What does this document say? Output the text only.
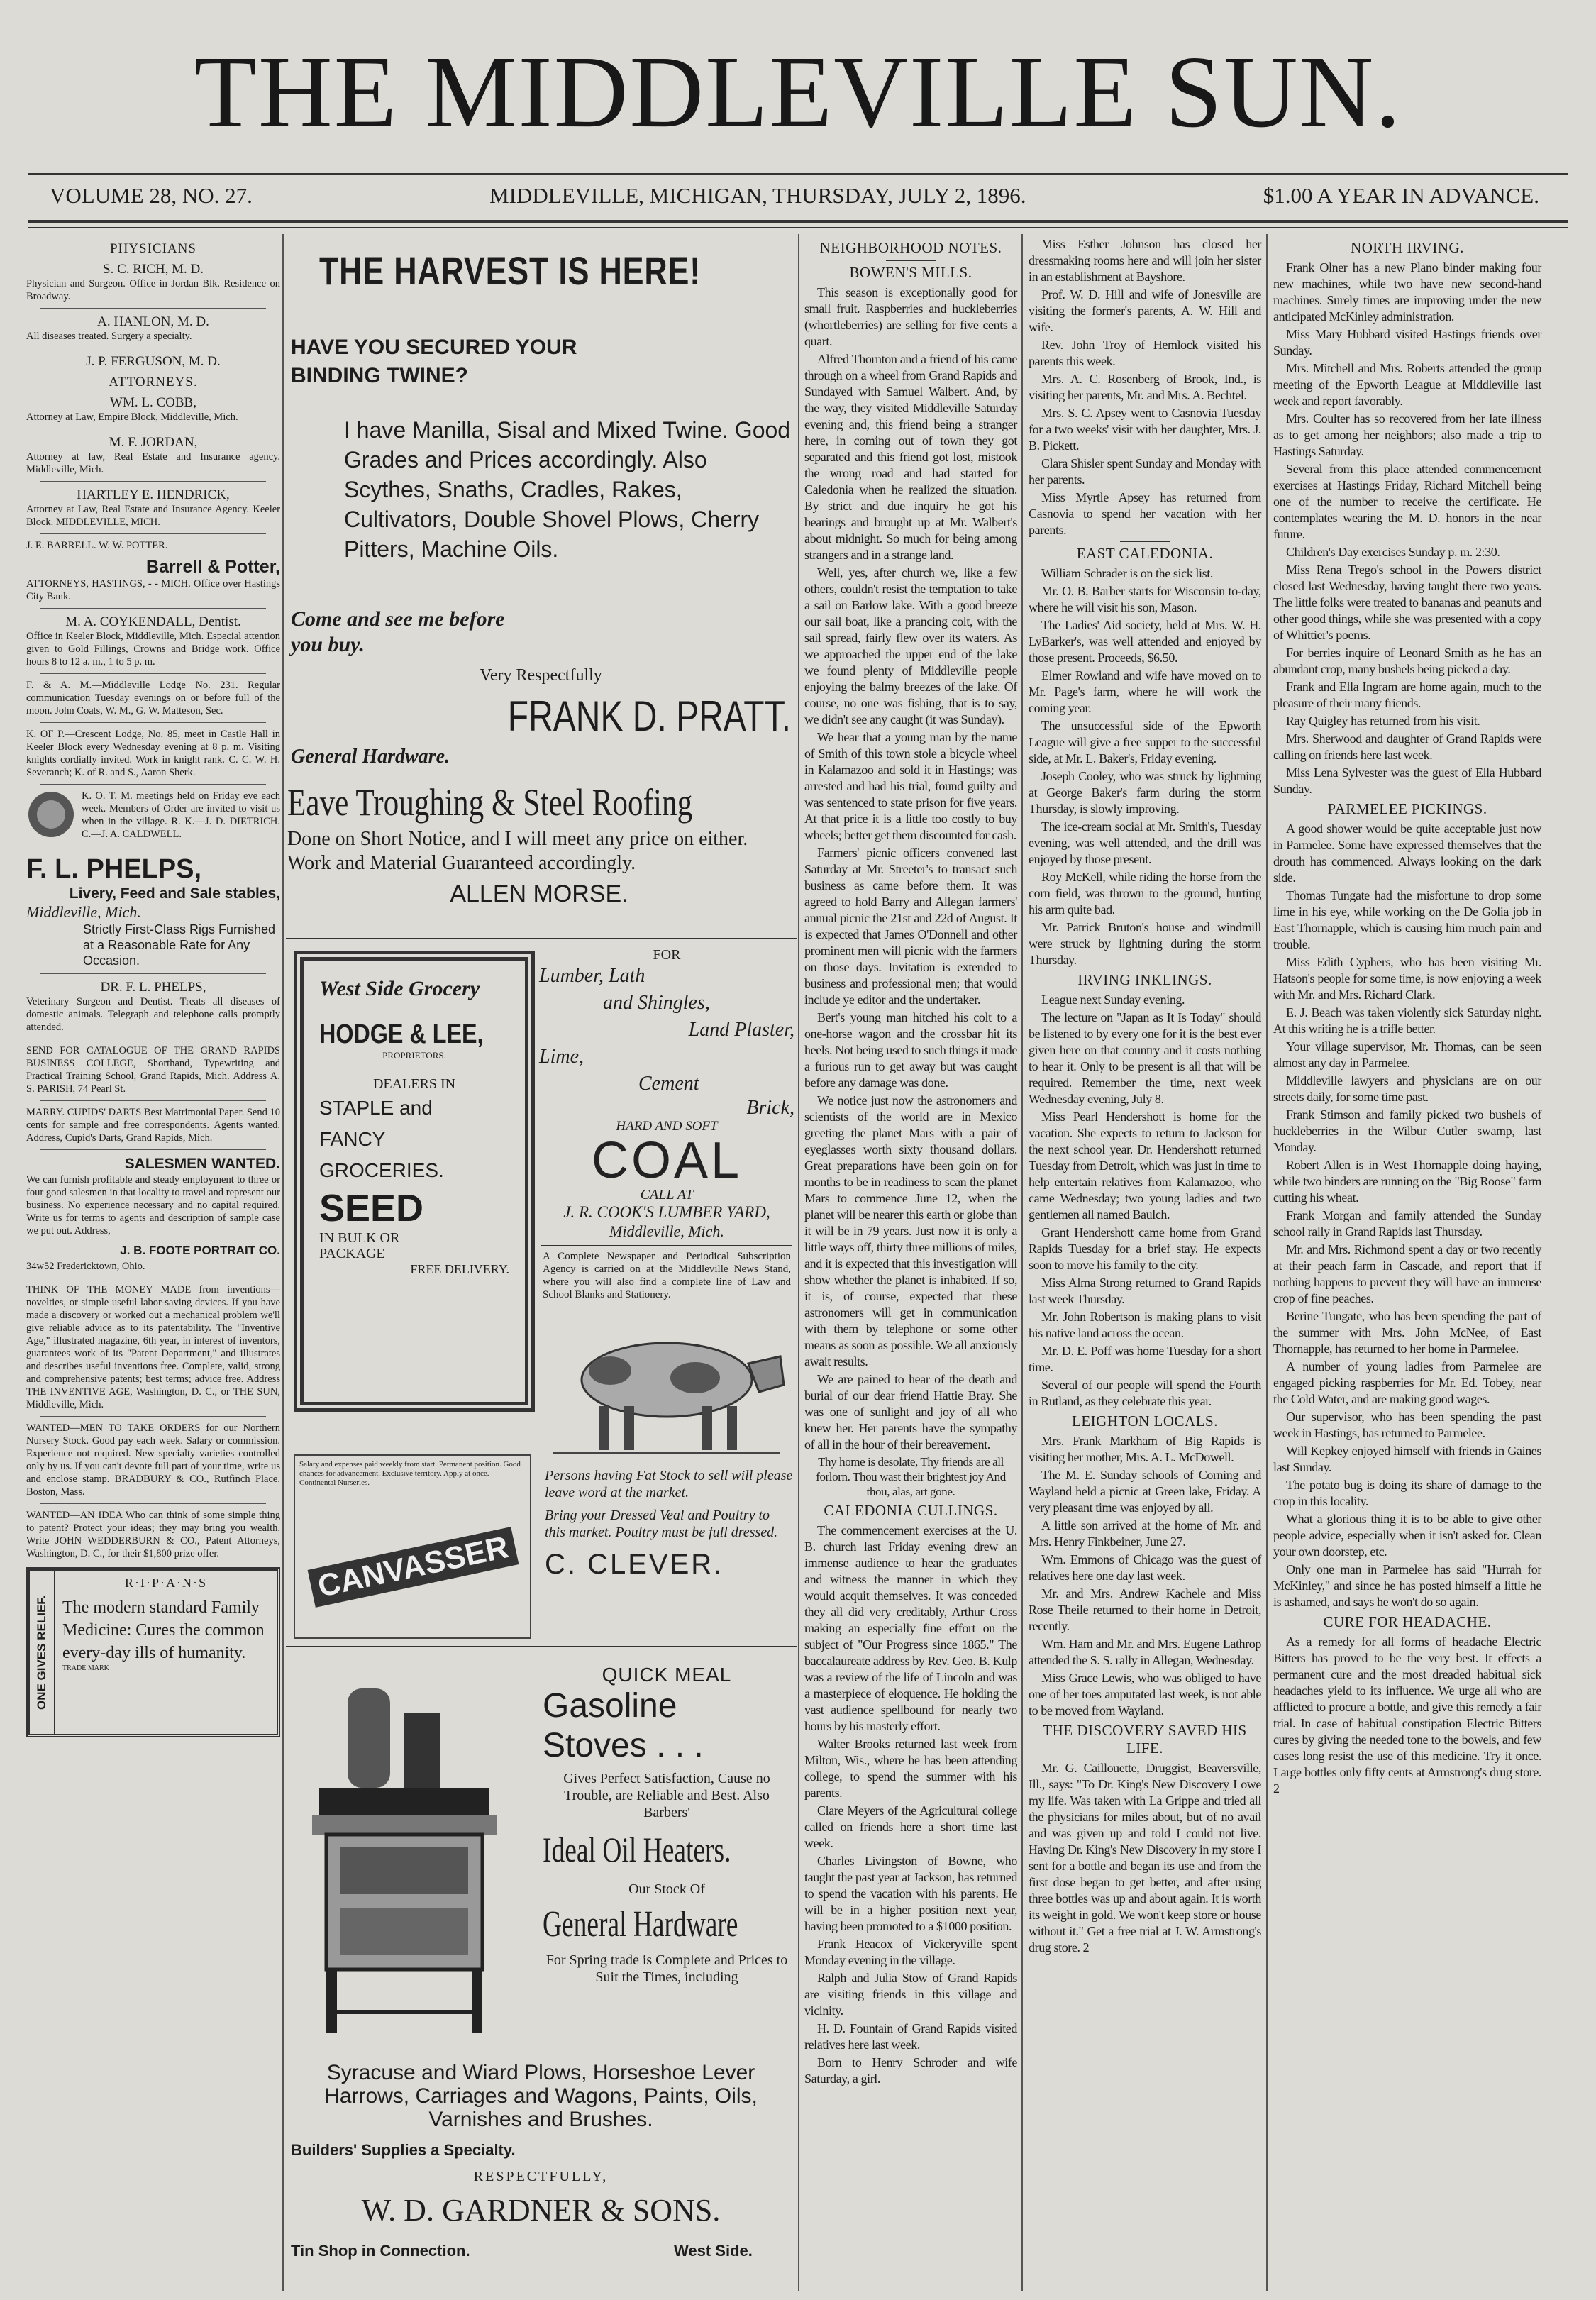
THE MIDDLEVILLE SUN.
VOLUME 28, NO. 27.	MIDDLEVILLE, MICHIGAN, THURSDAY, JULY 2, 1896.	$1.00 A YEAR IN ADVANCE.
PHYSICIANS
S. C. RICH, M. D.
Physician and Surgeon. Office in Jordan Blk. Residence on Broadway.
A. HANLON, M. D.
All diseases treated. Surgery a specialty.
J. P. FERGUSON, M. D.
ATTORNEYS.
WM. L. COBB,
Attorney at Law, Empire Block, Middleville, Mich.
M. F. JORDAN,
Attorney at law, Real Estate and Insurance agency. Middleville, Mich.
HARTLEY E. HENDRICK,
Attorney at Law, Real Estate and Insurance Agency. Keeler Block. MIDDLEVILLE, MICH.
J. E. BARRELL. W. W. POTTER.
Barrell & Potter,
ATTORNEYS, HASTINGS, - - MICH. Office over Hastings City Bank.
M. A. COYKENDALL, Dentist.
Office in Keeler Block, Middleville, Mich. Especial attention given to Gold Fillings, Crowns and Bridge work. Office hours 8 to 12 a. m., 1 to 5 p. m.
F. & A. M.—Middleville Lodge No. 231. Regular communication Tuesday evenings on or before full of the moon. John Coats, W. M., G. W. Matteson, Sec.
K. OF P.—Crescent Lodge, No. 85, meet in Castle Hall in Keeler Block every Wednesday evening at 8 p. m. Visiting knights cordially invited. Work in knight rank. C. C. W. H. Severanch; K. of R. and S., Aaron Sherk.
K. O. T. M. meetings held on Friday eve each week. Members of Order are invited to visit us when in the village. R. K.—J. D. DIETRICH. C.—J. A. CALDWELL.
F. L. PHELPS,
Livery, Feed and Sale stables,
Middleville, Mich.
Strictly First-Class Rigs Furnished at a Reasonable Rate for Any Occasion.
DR. F. L. PHELPS,
Veterinary Surgeon and Dentist. Treats all diseases of domestic animals. Telegraph and telephone calls promptly attended.
SEND FOR CATALOGUE OF THE GRAND RAPIDS BUSINESS COLLEGE, Shorthand, Typewriting and Practical Training School, Grand Rapids, Mich. Address A. S. PARISH, 74 Pearl St.
MARRY. CUPIDS' DARTS Best Matrimonial Paper. Send 10 cents for sample and free correspondents. Agents wanted. Address, Cupid's Darts, Grand Rapids, Mich.
SALESMEN WANTED.
We can furnish profitable and steady employment to three or four good salesmen in that locality to travel and represent our business. No experience necessary and no capital required. Write us for terms to agents and description of sample case we put out. Address,
J. B. FOOTE PORTRAIT CO.
34w52 Fredericktown, Ohio.
THINK OF THE MONEY MADE from inventions—novelties, or simple useful labor-saving devices. If you have made a discovery or worked out a mechanical problem we'll give reliable advice as to its patentability. The "Inventive Age," illustrated magazine, 6th year, in interest of inventors, guarantees work of its "Patent Department," and illustrates and describes useful inventions free. Complete, valid, strong and comprehensive patents; best terms; advice free. Address THE INVENTIVE AGE, Washington, D. C., or THE SUN, Middleville, Mich.
WANTED—MEN TO TAKE ORDERS for our Northern Nursery Stock. Good pay each week. Salary or commission. Experience not required. New specialty varieties controlled only by us. If you can't devote full part of your time, write us and enclose stamp. BRADBURY & CO., Rutfinch Place. Boston, Mass.
WANTED—AN IDEA Who can think of some simple thing to patent? Protect your ideas; they may bring you wealth. Write JOHN WEDDERBURN & CO., Patent Attorneys, Washington, D. C., for their $1,800 prize offer.
ONE GIVES RELIEF.
R·I·P·A·N·S
The modern standard Family Medicine: Cures the common every-day ills of humanity.
TRADE MARK
THE HARVEST IS HERE!
HAVE YOU SECURED YOUR BINDING TWINE?
I have Manilla, Sisal and Mixed Twine. Good Grades and Prices accordingly. Also Scythes, Snaths, Cradles, Rakes, Cultivators, Double Shovel Plows, Cherry Pitters, Machine Oils.
Come and see me before you buy.
Very Respectfully
FRANK D. PRATT.
General Hardware.
Eave Troughing & Steel Roofing
Done on Short Notice, and I will meet any price on either. Work and Material Guaranteed accordingly.
ALLEN MORSE.
West Side Grocery
HODGE & LEE,
PROPRIETORS.
DEALERS IN
STAPLE and
FANCY
GROCERIES.
SEED
IN BULK OR PACKAGE
FREE DELIVERY.
Salary and expenses paid weekly from start. Permanent position. Good chances for advancement. Exclusive territory. Apply at once. Continental Nurseries.
CANVASSER
FOR
Lumber, Lath
and Shingles,
Land Plaster,
Lime,
Cement
Brick,
HARD AND SOFT
COAL
CALL AT
J. R. COOK'S LUMBER YARD,
Middleville, Mich.
A Complete Newspaper and Periodical Subscription Agency is carried on at the Middleville News Stand, where you will also find a complete line of Law and School Blanks and Stationery.
Persons having Fat Stock to sell will please leave word at the market.
Bring your Dressed Veal and Poultry to this market. Poultry must be full dressed.
C. CLEVER.
QUICK MEAL
Gasoline
Stoves . . .
Gives Perfect Satisfaction, Cause no Trouble, are Reliable and Best. Also Barbers'
Ideal Oil Heaters.
Our Stock Of
General Hardware
For Spring trade is Complete and Prices to Suit the Times, including
Syracuse and Wiard Plows, Horseshoe Lever Harrows, Carriages and Wagons, Paints, Oils, Varnishes and Brushes.
Builders' Supplies a Specialty.
RESPECTFULLY,
W. D. GARDNER & SONS.
Tin Shop in Connection.	West Side.
NEIGHBORHOOD NOTES.
BOWEN'S MILLS.

This season is exceptionally good for small fruit. Raspberries and huckleberries (whortleberries) are selling for five cents a quart.

Alfred Thornton and a friend of his came through on a wheel from Grand Rapids and Sundayed with Samuel Walbert. And, by the way, they visited Middleville Saturday evening and, this friend being a stranger here, in coming out of town they got separated and this friend got lost, mistook the wrong road and had started for Caledonia when he realized the situation. By strict and due inquiry he got his bearings and brought up at Mr. Walbert's about midnight. So much for being among strangers and in a strange land.

Well, yes, after church we, like a few others, couldn't resist the temptation to take a sail on Barlow lake. With a good breeze our sail boat, like a prancing colt, with the sail spread, fairly flew over its waters. As we approached the upper end of the lake we found plenty of Middleville people enjoying the balmy breezes of the lake. Of course, no one was fishing, that is to say, we didn't see any caught (it was Sunday).

We hear that a young man by the name of Smith of this town stole a bicycle wheel in Kalamazoo and sold it in Hastings; was arrested and had his trial, found guilty and was sentenced to state prison for five years. At that price it is a little too costly to buy wheels; better get them discounted for cash.

Farmers' picnic officers convened last Saturday at Mr. Streeter's to transact such business as came before them. It was agreed to hold Barry and Allegan farmers' annual picnic the 21st and 22d of August. It is expected that James O'Donnell and other prominent men will picnic with the farmers on those days. Invitation is extended to business and professional men; that would include ye editor and the undertaker.

Bert's young man hitched his colt to a one-horse wagon and the crossbar hit its heels. Not being used to such things it made a furious run to get away but was caught before any damage was done.

We notice just now the astronomers and scientists of the world are in Mexico greeting the planet Mars with a pair of eyeglasses worth sixty thousand dollars. Great preparations have been goin on for months to be in readiness to scan the planet Mars to commence June 12, when the planet will be nearer this earth or globe than it will be in 79 years. Just now it is only a little ways off, thirty three millions of miles, and it is expected that this investigation will show whether the planet is inhabited. If so, it is, of course, expected that these astronomers will get in communication with them by telephone or some other means as soon as possible. We all anxiously await results.

We are pained to hear of the death and burial of our dear friend Hattie Bray. She was one of sunlight and joy of all who knew her. Her parents have the sympathy of all in the hour of their bereavement.

Thy home is desolate, Thy friends are all forlorn. Thou wast their brightest joy And thou, alas, art gone.

CALEDONIA CULLINGS.

The commencement exercises at the U. B. church last Friday evening drew an immense audience to hear the graduates and witness the manner in which they would acquit themselves. It was conceded they all did very creditably, Arthur Cross making an especially fine effort on the subject of "Our Progress since 1865." The baccalaureate address by Rev. Geo. B. Kulp was a review of the life of Lincoln and was a masterpiece of eloquence. He holding the vast audience spellbound for nearly two hours by his masterly effort.

Walter Brooks returned last week from Milton, Wis., where he has been attending college, to spend the summer with his parents.

Clare Meyers of the Agricultural college called on friends here a short time last week.

Charles Livingston of Bowne, who taught the past year at Jackson, has returned to spend the vacation with his parents. He will be in a higher position next year, having been promoted to a $1000 position.

Frank Heacox of Vickeryville spent Monday evening in the village.

Ralph and Julia Stow of Grand Rapids are visiting friends in this village and vicinity.

H. D. Fountain of Grand Rapids visited relatives here last week.

Born to Henry Schroder and wife Saturday, a girl.

Miss Esther Johnson has closed her dressmaking rooms here and will join her sister in an establishment at Bayshore.

Prof. W. D. Hill and wife of Jonesville are visiting the former's parents, A. W. Hill and wife.

Rev. John Troy of Hemlock visited his parents this week.

Mrs. A. C. Rosenberg of Brook, Ind., is visiting her parents, Mr. and Mrs. A. Bechtel.

Mrs. S. C. Apsey went to Casnovia Tuesday for a two weeks' visit with her daughter, Mrs. J. B. Pickett.

Clara Shisler spent Sunday and Monday with her parents.

Miss Myrtle Apsey has returned from Casnovia to spend her vacation with her parents.

EAST CALEDONIA.

William Schrader is on the sick list.

Mr. O. B. Barber starts for Wisconsin to-day, where he will visit his son, Mason.

The Ladies' Aid society, held at Mrs. W. H. LyBarker's, was well attended and enjoyed by those present. Proceeds, $6.50.

Elmer Rowland and wife have moved on to Mr. Page's farm, where he will work the coming year.

The unsuccessful side of the Epworth League will give a free supper to the successful side, at Mr. L. Baker's, Friday evening.

Joseph Cooley, who was struck by lightning at George Baker's farm during the storm Thursday, is slowly improving.

The ice-cream social at Mr. Smith's, Tuesday evening, was well attended, and the drill was enjoyed by those present.

Roy McKell, while riding the horse from the corn field, was thrown to the ground, hurting his arm quite bad.

Mr. Patrick Bruton's house and windmill were struck by lightning during the storm Thursday.

IRVING INKLINGS.

League next Sunday evening.

The lecture on "Japan as It Is Today" should be listened to by every one for it is the best ever given here on that country and it costs nothing to hear it. Only to be present is all that will be required. Remember the time, next week Wednesday evening, July 8.

Miss Pearl Hendershott is home for the vacation. She expects to return to Jackson for the next school year. Dr. Hendershott returned Tuesday from Detroit, which was just in time to help entertain relatives from Kalamazoo, who came Wednesday; two young ladies and two gentlemen all named Baulch.

Grant Hendershott came home from Grand Rapids Tuesday for a brief stay. He expects soon to move his family to the city.

Miss Alma Strong returned to Grand Rapids last week Thursday.

Mr. John Robertson is making plans to visit his native land across the ocean.

Mr. D. E. Poff was home Tuesday for a short time.

Several of our people will spend the Fourth in Rutland, as they celebrate this year.

LEIGHTON LOCALS.

Mrs. Frank Markham of Big Rapids is visiting her mother, Mrs. A. L. McDowell.

The M. E. Sunday schools of Corning and Wayland held a picnic at Green lake, Friday. A very pleasant time was enjoyed by all.

A little son arrived at the home of Mr. and Mrs. Henry Finkbeiner, June 27.

Wm. Emmons of Chicago was the guest of relatives here one day last week.

Mr. and Mrs. Andrew Kachele and Miss Rose Theile returned to their home in Detroit, recently.

Wm. Ham and Mr. and Mrs. Eugene Lathrop attended the S. S. rally in Allegan, Wednesday.

Miss Grace Lewis, who was obliged to have one of her toes amputated last week, is not able to be moved from Wayland.

THE DISCOVERY SAVED HIS LIFE.

Mr. G. Caillouette, Druggist, Beaversville, Ill., says: "To Dr. King's New Discovery I owe my life. Was taken with La Grippe and tried all the physicians for miles about, but of no avail and was given up and told I could not live. Having Dr. King's New Discovery in my store I sent for a bottle and began its use and from the first dose began to get better, and after using three bottles was up and about again. It is worth its weight in gold. We won't keep store or house without it." Get a free trial at J. W. Armstrong's drug store. 2

NORTH IRVING.

Frank Olner has a new Plano binder making four new machines, while two have new second-hand machines. Surely times are improving under the new anticipated McKinley administration.

Miss Mary Hubbard visited Hastings friends over Sunday.

Mrs. Mitchell and Mrs. Roberts attended the group meeting of the Epworth League at Middleville last week and report favorably.

Mrs. Coulter has so recovered from her late illness as to get among her neighbors; also made a trip to Hastings Saturday.

Several from this place attended commencement exercises at Hastings Friday, Richard Mitchell being one of the number to receive the certificate. He contemplates wearing the M. D. honors in the near future.

Children's Day exercises Sunday p. m. 2:30.

Miss Rena Trego's school in the Powers district closed last Wednesday, having taught there two years. The little folks were treated to bananas and peanuts and other good things, while she was presented with a copy of Whittier's poems.

For berries inquire of Leonard Smith as he has an abundant crop, many bushels being picked a day.

Frank and Ella Ingram are home again, much to the pleasure of their many friends.

Ray Quigley has returned from his visit.

Mrs. Sherwood and daughter of Grand Rapids were calling on friends here last week.

Miss Lena Sylvester was the guest of Ella Hubbard Sunday.

PARMELEE PICKINGS.

A good shower would be quite acceptable just now in Parmelee. Some have expressed themselves that the drouth has commenced. Always looking on the dark side.

Thomas Tungate had the misfortune to drop some lime in his eye, while working on the De Golia job in East Thornapple, which is causing him much pain and trouble.

Miss Edith Cyphers, who has been visiting Mr. Hatson's people for some time, is now enjoying a week with Mr. and Mrs. Richard Clark.

E. J. Beach was taken violently sick Saturday night. At this writing he is a trifle better.

Your village supervisor, Mr. Thomas, can be seen almost any day in Parmelee.

Middleville lawyers and physicians are on our streets daily, for some time past.

Frank Stimson and family picked two bushels of huckleberries in the Wilbur Cutler swamp, last Monday.

Robert Allen is in West Thornapple doing haying, while two binders are running on the "Big Roose" farm cutting his wheat.

Frank Morgan and family attended the Sunday school rally in Grand Rapids last Thursday.

Mr. and Mrs. Richmond spent a day or two recently at their peach farm in Cascade, and report that if nothing happens to prevent they will have an immense crop of fine peaches.

Berine Tungate, who has been spending the part of the summer with Mrs. John McNee, of East Thornapple, has returned to her home in Parmelee.

A number of young ladies from Parmelee are engaged picking raspberries for Mr. Ed. Tobey, near the Cold Water, and are making good wages.

Our supervisor, who has been spending the past week in Hastings, has returned to Parmelee.

Will Kepkey enjoyed himself with friends in Gaines last Sunday.

The potato bug is doing its share of damage to the crop in this locality.

What a glorious thing it is to be able to give other people advice, especially when it isn't asked for. Clean your own doorstep, etc.

Only one man in Parmelee has said "Hurrah for McKinley," and since he has posted himself a little he is ashamed, and says he won't do so again.

CURE FOR HEADACHE.

As a remedy for all forms of headache Electric Bitters has proved to be the very best. It effects a permanent cure and the most dreaded habitual sick headaches yield to its influence. We urge all who are afflicted to procure a bottle, and give this remedy a fair trial. In case of habitual constipation Electric Bitters cures by giving the needed tone to the bowels, and few cases long resist the use of this medicine. Try it once. Large bottles only fifty cents at Armstrong's drug store. 2
